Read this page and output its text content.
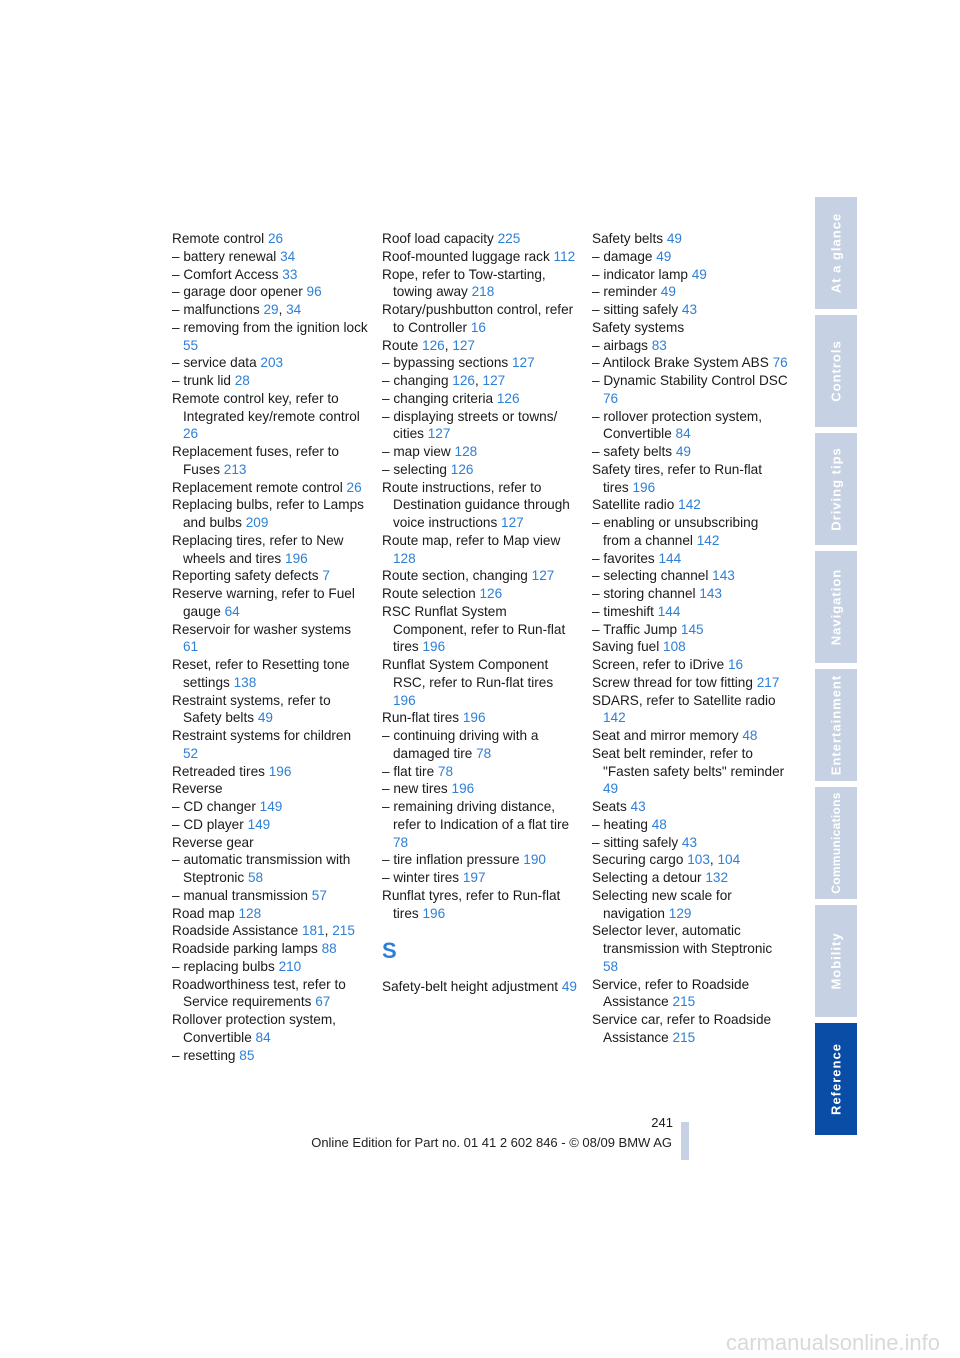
Remote control 26
– battery renewal 34
– Comfort Access 33
– garage door opener 96
– malfunctions 29, 34
– removing from the ignition lock 55
– service data 203
– trunk lid 28
Remote control key, refer to Integrated key/remote control 26
Replacement fuses, refer to Fuses 213
Replacement remote control 26
Replacing bulbs, refer to Lamps and bulbs 209
Replacing tires, refer to New wheels and tires 196
Reporting safety defects 7
Reserve warning, refer to Fuel gauge 64
Reservoir for washer systems 61
Reset, refer to Resetting tone settings 138
Restraint systems, refer to Safety belts 49
Restraint systems for children 52
Retreaded tires 196
Reverse
– CD changer 149
– CD player 149
Reverse gear
– automatic transmission with Steptronic 58
– manual transmission 57
Road map 128
Roadside Assistance 181, 215
Roadside parking lamps 88
– replacing bulbs 210
Roadworthiness test, refer to Service requirements 67
Rollover protection system, Convertible 84
– resetting 85
Roof load capacity 225
Roof-mounted luggage rack 112
Rope, refer to Tow-starting, towing away 218
Rotary/pushbutton control, refer to Controller 16
Route 126, 127
– bypassing sections 127
– changing 126, 127
– changing criteria 126
– displaying streets or towns/ cities 127
– map view 128
– selecting 126
Route instructions, refer to Destination guidance through voice instructions 127
Route map, refer to Map view 128
Route section, changing 127
Route selection 126
RSC Runflat System Component, refer to Run-flat tires 196
Runflat System Component RSC, refer to Run-flat tires 196
Run-flat tires 196
– continuing driving with a damaged tire 78
– flat tire 78
– new tires 196
– remaining driving distance, refer to Indication of a flat tire 78
– tire inflation pressure 190
– winter tires 197
Runflat tyres, refer to Run-flat tires 196
S
Safety-belt height adjustment 49
Safety belts 49
– damage 49
– indicator lamp 49
– reminder 49
– sitting safely 43
Safety systems
– airbags 83
– Antilock Brake System ABS 76
– Dynamic Stability Control DSC 76
– rollover protection system, Convertible 84
– safety belts 49
Safety tires, refer to Run-flat tires 196
Satellite radio 142
– enabling or unsubscribing from a channel 142
– favorites 144
– selecting channel 143
– storing channel 143
– timeshift 144
– Traffic Jump 145
Saving fuel 108
Screen, refer to iDrive 16
Screw thread for tow fitting 217
SDARS, refer to Satellite radio 142
Seat and mirror memory 48
Seat belt reminder, refer to "Fasten safety belts" reminder 49
Seats 43
– heating 48
– sitting safely 43
Securing cargo 103, 104
Selecting a detour 132
Selecting new scale for navigation 129
Selector lever, automatic transmission with Steptronic 58
Service, refer to Roadside Assistance 215
Service car, refer to Roadside Assistance 215
At a glance
Controls
Driving tips
Navigation
Entertainment
Communications
Mobility
Reference
241
Online Edition for Part no. 01 41 2 602 846 - © 08/09 BMW AG
carmanualsonline.info
